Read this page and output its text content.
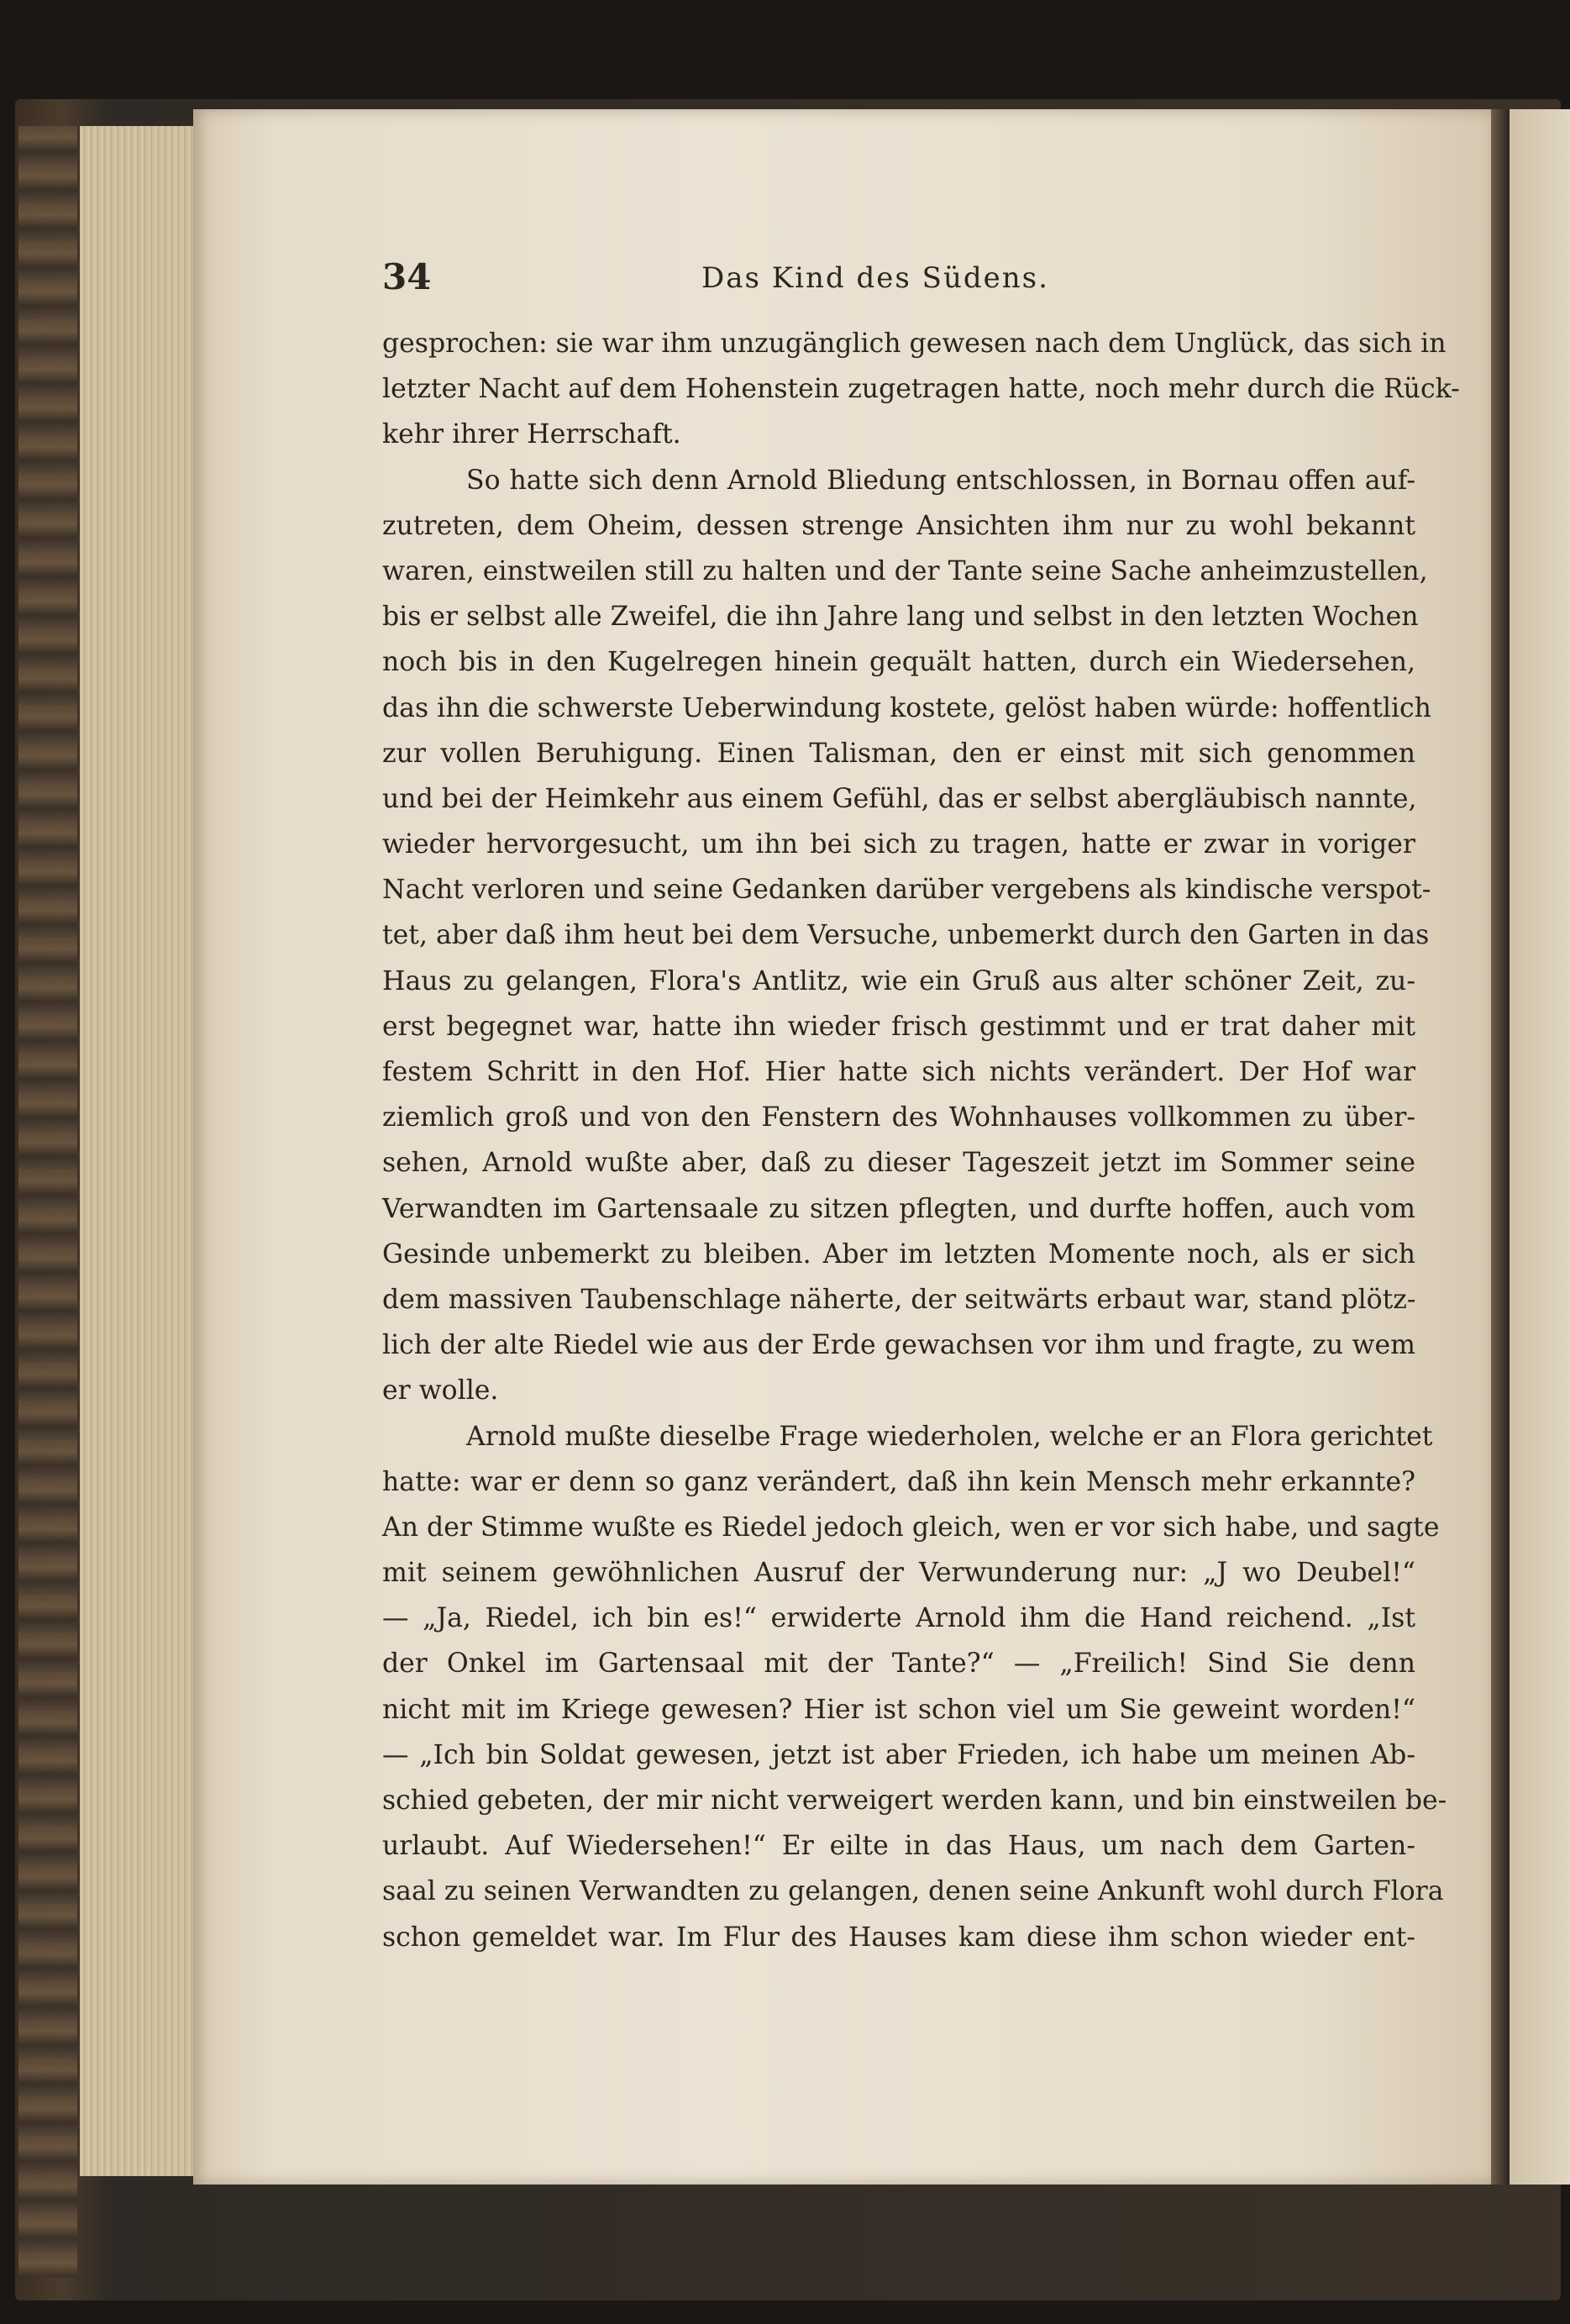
34	Das Kind des Südens.
gesprochen: sie war ihm unzugänglich gewesen nach dem Unglück, das sich in
letzter Nacht auf dem Hohenstein zugetragen hatte, noch mehr durch die Rück-
kehr ihrer Herrschaft.
So hatte sich denn Arnold Bliedung entschlossen, in Bornau offen auf-
zutreten, dem Oheim, dessen strenge Ansichten ihm nur zu wohl bekannt
waren, einstweilen still zu halten und der Tante seine Sache anheimzustellen,
bis er selbst alle Zweifel, die ihn Jahre lang und selbst in den letzten Wochen
noch bis in den Kugelregen hinein gequält hatten, durch ein Wiedersehen,
das ihn die schwerste Ueberwindung kostete, gelöst haben würde: hoffentlich
zur vollen Beruhigung. Einen Talisman, den er einst mit sich genommen
und bei der Heimkehr aus einem Gefühl, das er selbst abergläubisch nannte,
wieder hervorgesucht, um ihn bei sich zu tragen, hatte er zwar in voriger
Nacht verloren und seine Gedanken darüber vergebens als kindische verspot-
tet, aber daß ihm heut bei dem Versuche, unbemerkt durch den Garten in das
Haus zu gelangen, Flora's Antlitz, wie ein Gruß aus alter schöner Zeit, zu-
erst begegnet war, hatte ihn wieder frisch gestimmt und er trat daher mit
festem Schritt in den Hof. Hier hatte sich nichts verändert. Der Hof war
ziemlich groß und von den Fenstern des Wohnhauses vollkommen zu über-
sehen, Arnold wußte aber, daß zu dieser Tageszeit jetzt im Sommer seine
Verwandten im Gartensaale zu sitzen pflegten, und durfte hoffen, auch vom
Gesinde unbemerkt zu bleiben. Aber im letzten Momente noch, als er sich
dem massiven Taubenschlage näherte, der seitwärts erbaut war, stand plötz-
lich der alte Riedel wie aus der Erde gewachsen vor ihm und fragte, zu wem
er wolle.
Arnold mußte dieselbe Frage wiederholen, welche er an Flora gerichtet
hatte: war er denn so ganz verändert, daß ihn kein Mensch mehr erkannte?
An der Stimme wußte es Riedel jedoch gleich, wen er vor sich habe, und sagte
mit seinem gewöhnlichen Ausruf der Verwunderung nur: „J wo Deubel!“
— „Ja, Riedel, ich bin es!“ erwiderte Arnold ihm die Hand reichend. „Ist
der Onkel im Gartensaal mit der Tante?“ — „Freilich! Sind Sie denn
nicht mit im Kriege gewesen? Hier ist schon viel um Sie geweint worden!“
— „Ich bin Soldat gewesen, jetzt ist aber Frieden, ich habe um meinen Ab-
schied gebeten, der mir nicht verweigert werden kann, und bin einstweilen be-
urlaubt. Auf Wiedersehen!“ Er eilte in das Haus, um nach dem Garten-
saal zu seinen Verwandten zu gelangen, denen seine Ankunft wohl durch Flora
schon gemeldet war. Im Flur des Hauses kam diese ihm schon wieder ent-
